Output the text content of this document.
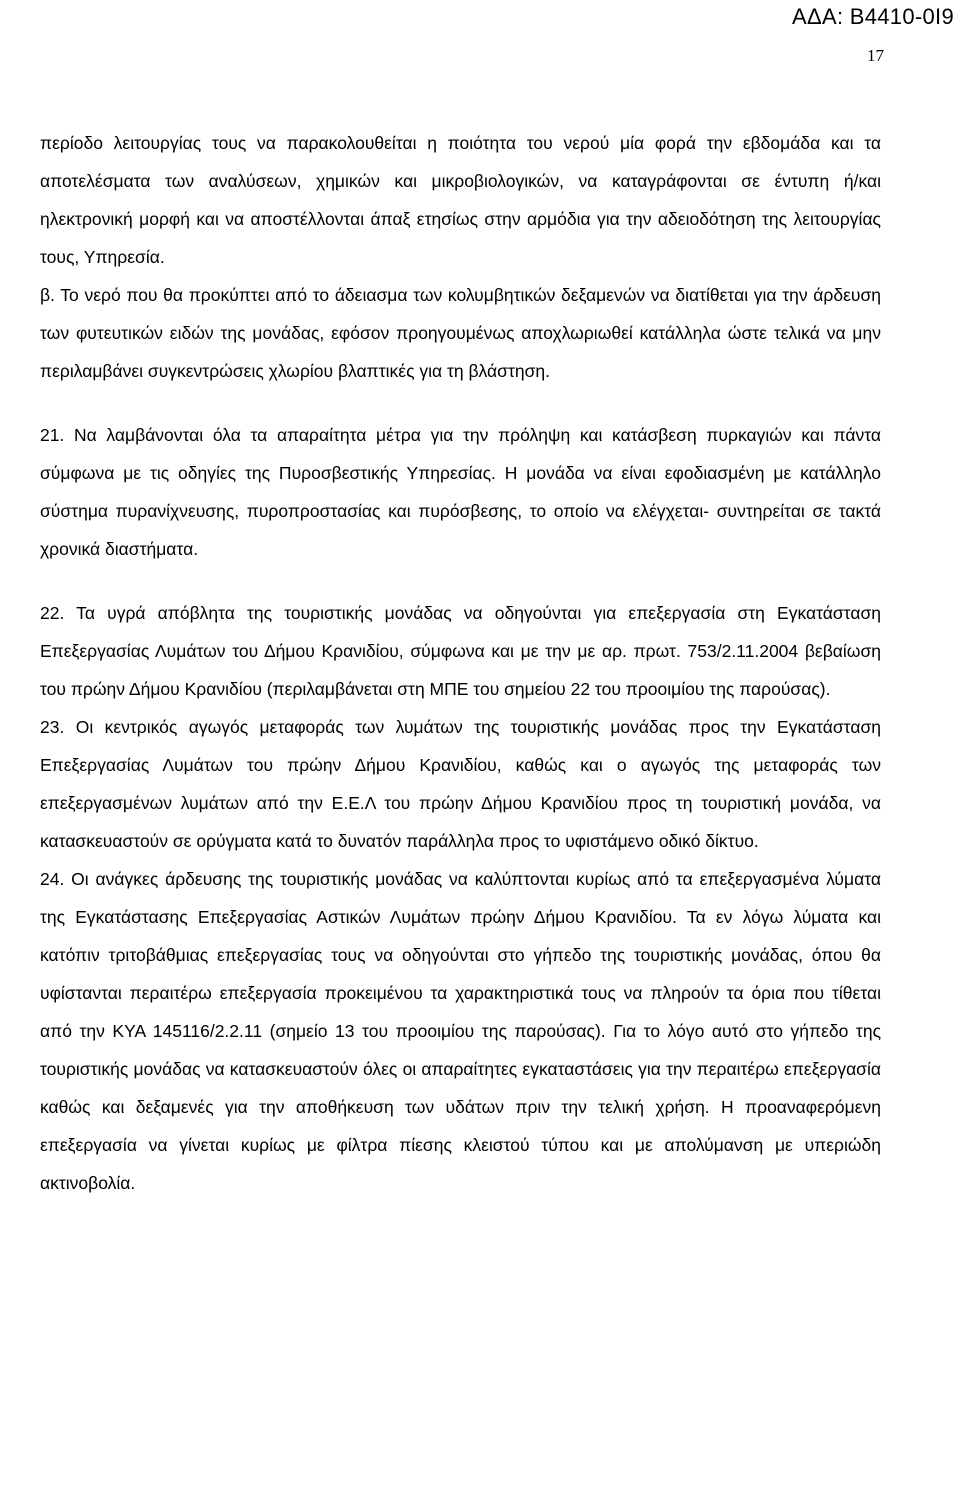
ΑΔΑ: Β4410-0Ι9
17

περίοδο λειτουργίας τους να παρακολουθείται η ποιότητα του νερού μία φορά την εβδομάδα και τα αποτελέσματα των αναλύσεων, χημικών και μικροβιολογικών, να καταγράφονται σε έντυπη ή/και ηλεκτρονική μορφή και να αποστέλλονται άπαξ ετησίως στην αρμόδια για την αδειοδότηση της λειτουργίας τους, Υπηρεσία.

β. Το νερό που θα προκύπτει από το άδειασμα των κολυμβητικών δεξαμενών να διατίθεται για την άρδευση των φυτευτικών ειδών της μονάδας, εφόσον προηγουμένως αποχλωριωθεί κατάλληλα ώστε τελικά να μην περιλαμβάνει συγκεντρώσεις χλωρίου βλαπτικές για τη βλάστηση.

21. Να λαμβάνονται όλα τα απαραίτητα μέτρα για την πρόληψη και κατάσβεση πυρκαγιών και πάντα σύμφωνα με τις οδηγίες της Πυροσβεστικής Υπηρεσίας. Η μονάδα να είναι εφοδιασμένη με κατάλληλο σύστημα πυρανίχνευσης, πυροπροστασίας και πυρόσβεσης, το οποίο να ελέγχεται- συντηρείται σε τακτά χρονικά διαστήματα.

22. Τα υγρά απόβλητα της τουριστικής μονάδας να οδηγούνται για επεξεργασία στη Εγκατάσταση Επεξεργασίας Λυμάτων του Δήμου Κρανιδίου, σύμφωνα και με την με αρ. πρωτ. 753/2.11.2004 βεβαίωση του πρώην Δήμου Κρανιδίου (περιλαμβάνεται στη ΜΠΕ του σημείου 22 του προοιμίου της παρούσας).

23. Οι κεντρικός αγωγός μεταφοράς των λυμάτων της τουριστικής μονάδας προς την Εγκατάσταση Επεξεργασίας Λυμάτων του πρώην Δήμου Κρανιδίου, καθώς και ο αγωγός της μεταφοράς των επεξεργασμένων λυμάτων από την Ε.Ε.Λ του πρώην Δήμου Κρανιδίου προς τη τουριστική μονάδα, να κατασκευαστούν σε ορύγματα κατά το δυνατόν παράλληλα προς το υφιστάμενο οδικό δίκτυο.

24. Οι ανάγκες άρδευσης της τουριστικής μονάδας να καλύπτονται κυρίως από τα επεξεργασμένα λύματα της Εγκατάστασης Επεξεργασίας Αστικών Λυμάτων πρώην Δήμου Κρανιδίου. Τα εν λόγω λύματα και κατόπιν τριτοβάθμιας επεξεργασίας τους να οδηγούνται στο γήπεδο της τουριστικής μονάδας, όπου θα υφίστανται περαιτέρω επεξεργασία προκειμένου τα χαρακτηριστικά τους να πληρούν τα όρια που τίθεται από την ΚΥΑ 145116/2.2.11 (σημείο 13 του προοιμίου της παρούσας). Για το λόγο αυτό στο γήπεδο της τουριστικής μονάδας να κατασκευαστούν όλες οι απαραίτητες εγκαταστάσεις για την περαιτέρω επεξεργασία καθώς και δεξαμενές για την αποθήκευση των υδάτων πριν την τελική χρήση. Η προαναφερόμενη επεξεργασία να γίνεται κυρίως με φίλτρα πίεσης κλειστού τύπου και με απολύμανση με υπεριώδη ακτινοβολία.
